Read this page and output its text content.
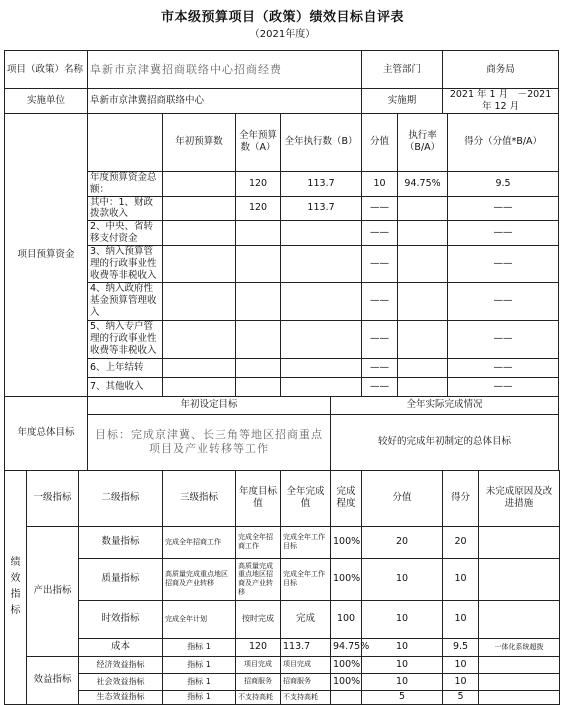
市本级预算项目（政策）绩效目标自评表
（2021年度）
项目（政策）名称			阜新市京津冀招商联络中心招商经费					主管部门		商务局		
实施单位			阜新市京津冀招商联络中心					实施期		2021 年 1 月　－2021 年 12 月		
项目预算资金				年初预算数	全年预算数（A）	全年执行数（B）		分值	执行率（B/A）		得分（分值*B/A）	
			年度预算资金总额：		120	113.7		10	94.75%		9.5	
			其中：1、财政拨款收入		120	113.7		——			——	
			2、中央、省转移支付资金					——			——	
			3、纳入预算管理的行政事业性收费等非税收入					——			——	
			4、纳入政府性基金预算管理收入					——			——	
			5、纳入专户管理的行政事业性收费等非税收入					——			——	
			6、上年结转					——			——	
			7、其他收入					——			——	
年度总体目标			年初设定目标				全年实际完成情况					
			目标：完成京津冀、长三角等地区招商重点项目及产业转移等工作				较好的完成年初制定的总体目标					
绩效指标	一级指标	二级指标		三级指标	年度目标值	全年完成值	完成程度	分值		得分		未完成原因及改进措施
	产出指标	数量指标		完成全年招商工作	完成全年招商工作	完成全年工作目标	100%	20		20		
		质量指标		高质量完成重点地区招商及产业转移	高质量完成重点地区招商及产业转移	完成全年工作目标	100%	10		10		
		时效指标		完成全年计划	按时完成	完成	100	10		10		
		成本		指标 1	120	113.7	94.75%	10		9.5		一体化系统超拨
	效益指标	经济效益指标		指标 1	项目完成	项目完成	100%	10		10		
		社会效益指标		指标 1	招商服务	招商服务	100%	10		10		
		生态效益指标		指标 1	不支持高耗	不支持高耗		5		5		
